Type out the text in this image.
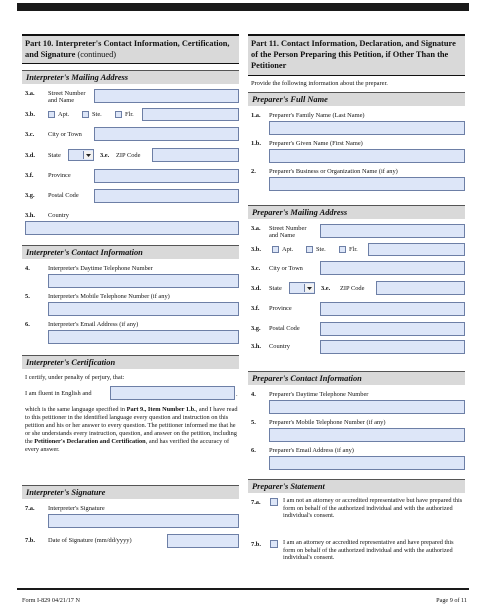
Part 10. Interpreter's Contact Information, Certification, and Signature (continued)
Interpreter's Mailing Address
3.a. Street Number and Name
3.b.	Apt.	Ste.	Flr.
3.c. City or Town
3.d. State	3.e. ZIP Code
3.f. Province
3.g. Postal Code
3.h. Country
Interpreter's Contact Information
4.	Interpreter's Daytime Telephone Number
5.	Interpreter's Mobile Telephone Number (if any)
6.	Interpreter's Email Address (if any)
Interpreter's Certification
I certify, under penalty of perjury, that:
I am fluent in English and	.
which is the same language specified in Part 9., Item Number 1.b., and I have read to this petitioner in the identified language every question and instruction on this petition and his or her answer to every question. The petitioner informed me that he or she understands every instruction, question, and answer on the petition, including the Petitioner's Declaration and Certification, and has verified the accuracy of every answer.
Interpreter's Signature
7.a. Interpreter's Signature
7.b. Date of Signature (mm/dd/yyyy)
Part 11. Contact Information, Declaration, and Signature of the Person Preparing this Petition, if Other Than the Petitioner
Provide the following information about the preparer.
Preparer's Full Name
1.a. Preparer's Family Name (Last Name)
1.b. Preparer's Given Name (First Name)
2. Preparer's Business or Organization Name (if any)
Preparer's Mailing Address
3.a. Street Number and Name
3.b.	Apt.	Ste.	Flr.
3.c. City or Town
3.d. State	3.e. ZIP Code
3.f. Province
3.g. Postal Code
3.h. Country
Preparer's Contact Information
4. Preparer's Daytime Telephone Number
5. Preparer's Mobile Telephone Number (if any)
6. Preparer's Email Address (if any)
Preparer's Statement
7.a.	I am not an attorney or accredited representative but have prepared this form on behalf of the authorized individual and with the authorized individual's consent.
7.b.	I am an attorney or accredited representative and have prepared this form on behalf of the authorized individual and with the authorized individual's consent.
Form I-829 04/21/17 N	Page 9 of 11
